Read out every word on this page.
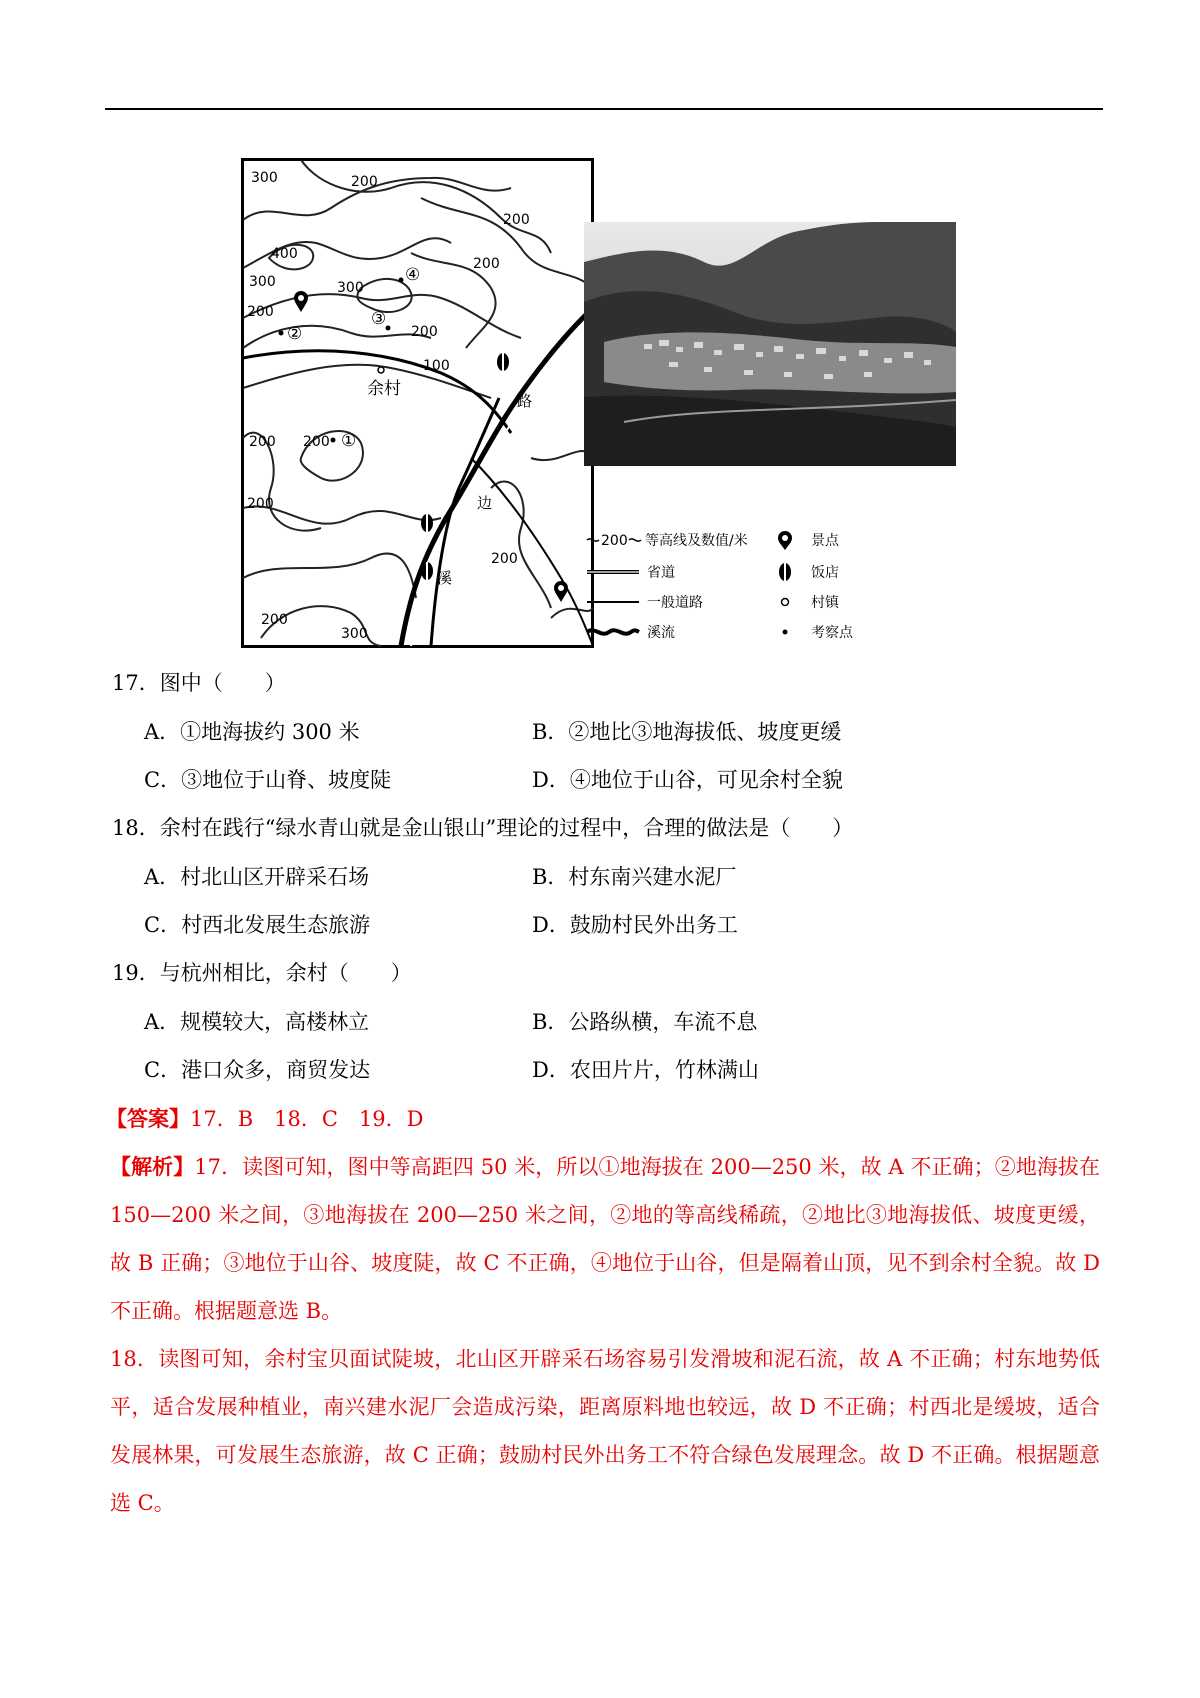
300	200
200
400
300	300
200
200
200
100
200 200
200
200
200
300
④
③
②
①
余村
路
边
溪
200 等高线及数值/米
省道
一般道路
溪流
景点
饭店
村镇
考察点
17．图中（　　）
A．①地海拔约 300 米	B．②地比③地海拔低、坡度更缓
C．③地位于山脊、坡度陡	D．④地位于山谷，可见余村全貌
18．余村在践行“绿水青山就是金山银山”理论的过程中，合理的做法是（　　）
A．村北山区开辟采石场	B．村东南兴建水泥厂
C．村西北发展生态旅游	D．鼓励村民外出务工
19．与杭州相比，余村（　　）
A．规模较大，高楼林立	B．公路纵横，车流不息
C．港口众多，商贸发达	D．农田片片，竹林满山
【答案】17．B　18．C　19．D
【解析】17．读图可知，图中等高距四 50 米，所以①地海拔在 200—250 米，故 A 不正确；②地海拔在 150—200 米之间，③地海拔在 200—250 米之间，②地的等高线稀疏，②地比③地海拔低、坡度更缓，故 B 正确；③地位于山谷、坡度陡，故 C 不正确，④地位于山谷，但是隔着山顶，见不到余村全貌。故 D 不正确。根据题意选 B。
18．读图可知，余村宝贝面试陡坡，北山区开辟采石场容易引发滑坡和泥石流，故 A 不正确；村东地势低平，适合发展种植业，南兴建水泥厂会造成污染，距离原料地也较远，故 D 不正确；村西北是缓坡，适合发展林果，可发展生态旅游，故 C 正确；鼓励村民外出务工不符合绿色发展理念。故 D 不正确。根据题意选 C。
